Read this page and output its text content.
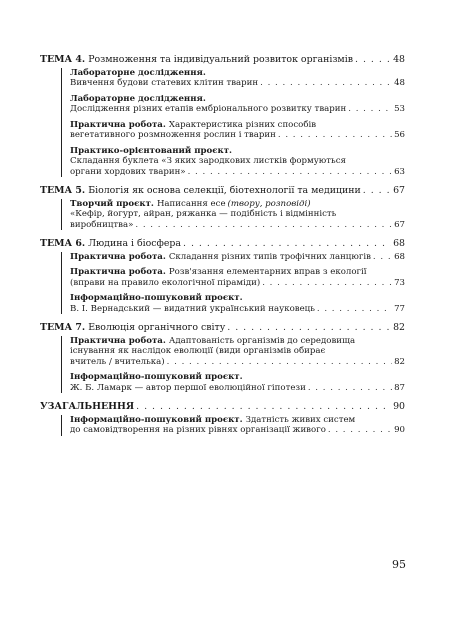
ТЕМА 4. Розмноження та індивідуальний розвиток організмів . . .	48
Лабораторне дослідження.
Вивчення будови статевих клітин тварин . . .	48
Лабораторне дослідження.
Дослідження різних етапів ембріонального розвитку тварин . . .	53
Практична робота. Характеристика різних способів
вегетативного розмноження рослин і тварин . . .	56
Практико-орієнтований проєкт.
Складання буклета «З яких зародкових листків формуються
органи хордових тварин» . . .	63
ТЕМА 5. Біологія як основа селекції, біотехнології та медицини . . .	67
Творчий проєкт. Написання есе (твору, розповіді)
«Кефір, йогурт, айран, ряжанка — подібність і відмінність
виробництва» . . .	67
ТЕМА 6. Людина і біосфера . . .	68
Практична робота. Складання різних типів трофічних ланцюгів . . .	68
Практична робота. Розв'язання елементарних вправ з екології
(вправи на правило екологічної піраміди) . . .	73
Інформаційно-пошуковий проєкт.
В. І. Вернадський — видатний український науковець . . .	77
ТЕМА 7. Еволюція органічного світу . . .	82
Практична робота. Адаптованість організмів до середовища
існування як наслідок еволюції (види організмів обирає
вчитель / вчителька) . . .	82
Інформаційно-пошуковий проєкт.
Ж. Б. Ламарк — автор першої еволюційної гіпотези . . .	87
УЗАГАЛЬНЕННЯ . . .	90
Інформаційно-пошуковий проєкт. Здатність живих систем
до самовідтворення на різних рівнях організації живого . . .	90
95
